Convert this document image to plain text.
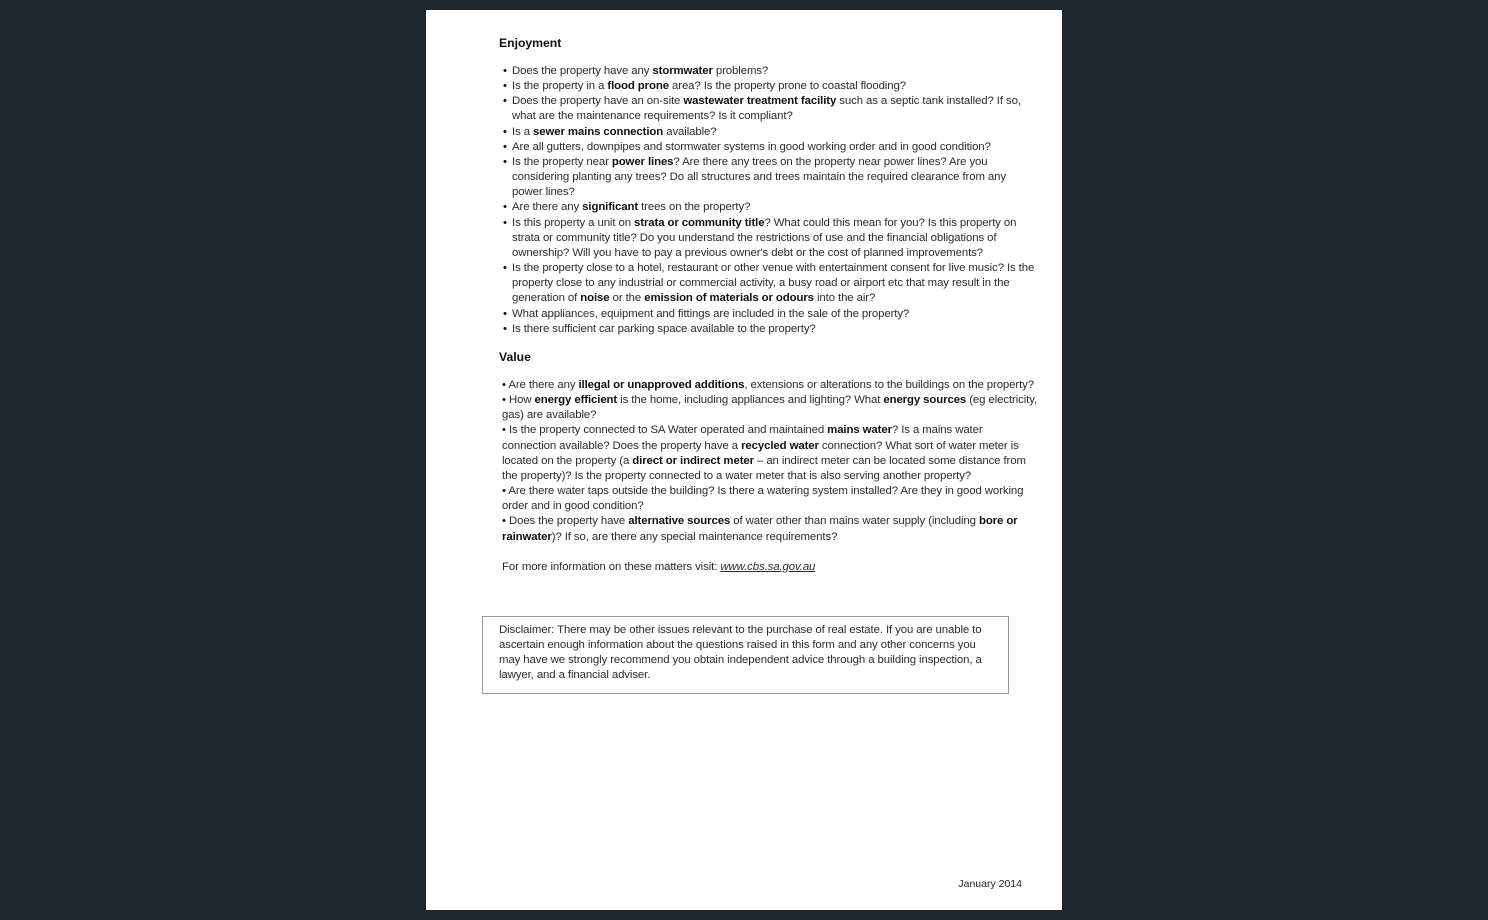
Enjoyment
• Does the property have any stormwater problems?
• Is the property in a flood prone area? Is the property prone to coastal flooding?
• Does the property have an on-site wastewater treatment facility such as a septic tank installed? If so, what are the maintenance requirements? Is it compliant?
• Is a sewer mains connection available?
• Are all gutters, downpipes and stormwater systems in good working order and in good condition?
• Is the property near power lines? Are there any trees on the property near power lines? Are you considering planting any trees? Do all structures and trees maintain the required clearance from any power lines?
• Are there any significant trees on the property?
• Is this property a unit on strata or community title? What could this mean for you? Is this property on strata or community title? Do you understand the restrictions of use and the financial obligations of ownership? Will you have to pay a previous owner's debt or the cost of planned improvements?
• Is the property close to a hotel, restaurant or other venue with entertainment consent for live music? Is the property close to any industrial or commercial activity, a busy road or airport etc that may result in the generation of noise or the emission of materials or odours into the air?
• What appliances, equipment and fittings are included in the sale of the property?
• Is there sufficient car parking space available to the property?
Value
• Are there any illegal or unapproved additions, extensions or alterations to the buildings on the property?
• How energy efficient is the home, including appliances and lighting? What energy sources (eg electricity, gas) are available?
• Is the property connected to SA Water operated and maintained mains water? Is a mains water connection available? Does the property have a recycled water connection? What sort of water meter is located on the property (a direct or indirect meter – an indirect meter can be located some distance from the property)? Is the property connected to a water meter that is also serving another property?
• Are there water taps outside the building? Is there a watering system installed? Are they in good working order and in good condition?
• Does the property have alternative sources of water other than mains water supply (including bore or rainwater)? If so, are there any special maintenance requirements?
For more information on these matters visit: www.cbs.sa.gov.au
Disclaimer: There may be other issues relevant to the purchase of real estate. If you are unable to ascertain enough information about the questions raised in this form and any other concerns you may have we strongly recommend you obtain independent advice through a building inspection, a lawyer, and a financial adviser.
January 2014
